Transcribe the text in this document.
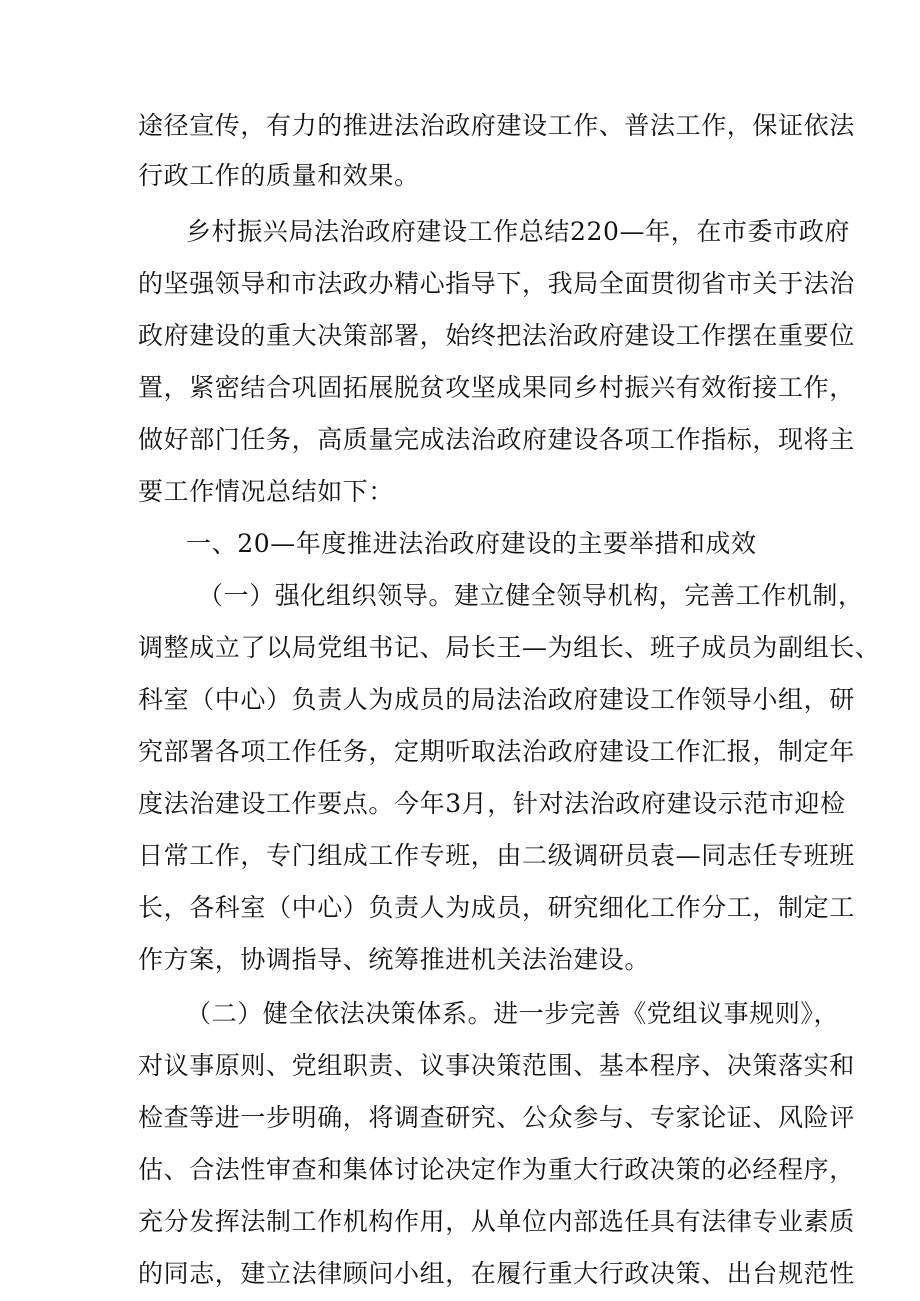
途径宣传，有力的推进法治政府建设工作、普法工作，保证依法
行政工作的质量和效果。
乡村振兴局法治政府建设工作总结220—年，在市委市政府
的坚强领导和市法政办精心指导下，我局全面贯彻省市关于法治
政府建设的重大决策部署，始终把法治政府建设工作摆在重要位
置，紧密结合巩固拓展脱贫攻坚成果同乡村振兴有效衔接工作，
做好部门任务，高质量完成法治政府建设各项工作指标，现将主
要工作情况总结如下：
一、20—年度推进法治政府建设的主要举措和成效
（一）强化组织领导。建立健全领导机构，完善工作机制，
调整成立了以局党组书记、局长王—为组长、班子成员为副组长、
科室（中心）负责人为成员的局法治政府建设工作领导小组，研
究部署各项工作任务，定期听取法治政府建设工作汇报，制定年
度法治建设工作要点。今年3月，针对法治政府建设示范市迎检
日常工作，专门组成工作专班，由二级调研员袁—同志任专班班
长，各科室（中心）负责人为成员，研究细化工作分工，制定工
作方案，协调指导、统筹推进机关法治建设。
（二）健全依法决策体系。进一步完善《党组议事规则》，
对议事原则、党组职责、议事决策范围、基本程序、决策落实和
检查等进一步明确，将调查研究、公众参与、专家论证、风险评
估、合法性审查和集体讨论决定作为重大行政决策的必经程序，
充分发挥法制工作机构作用，从单位内部选任具有法律专业素质
的同志，建立法律顾问小组，在履行重大行政决策、出台规范性
